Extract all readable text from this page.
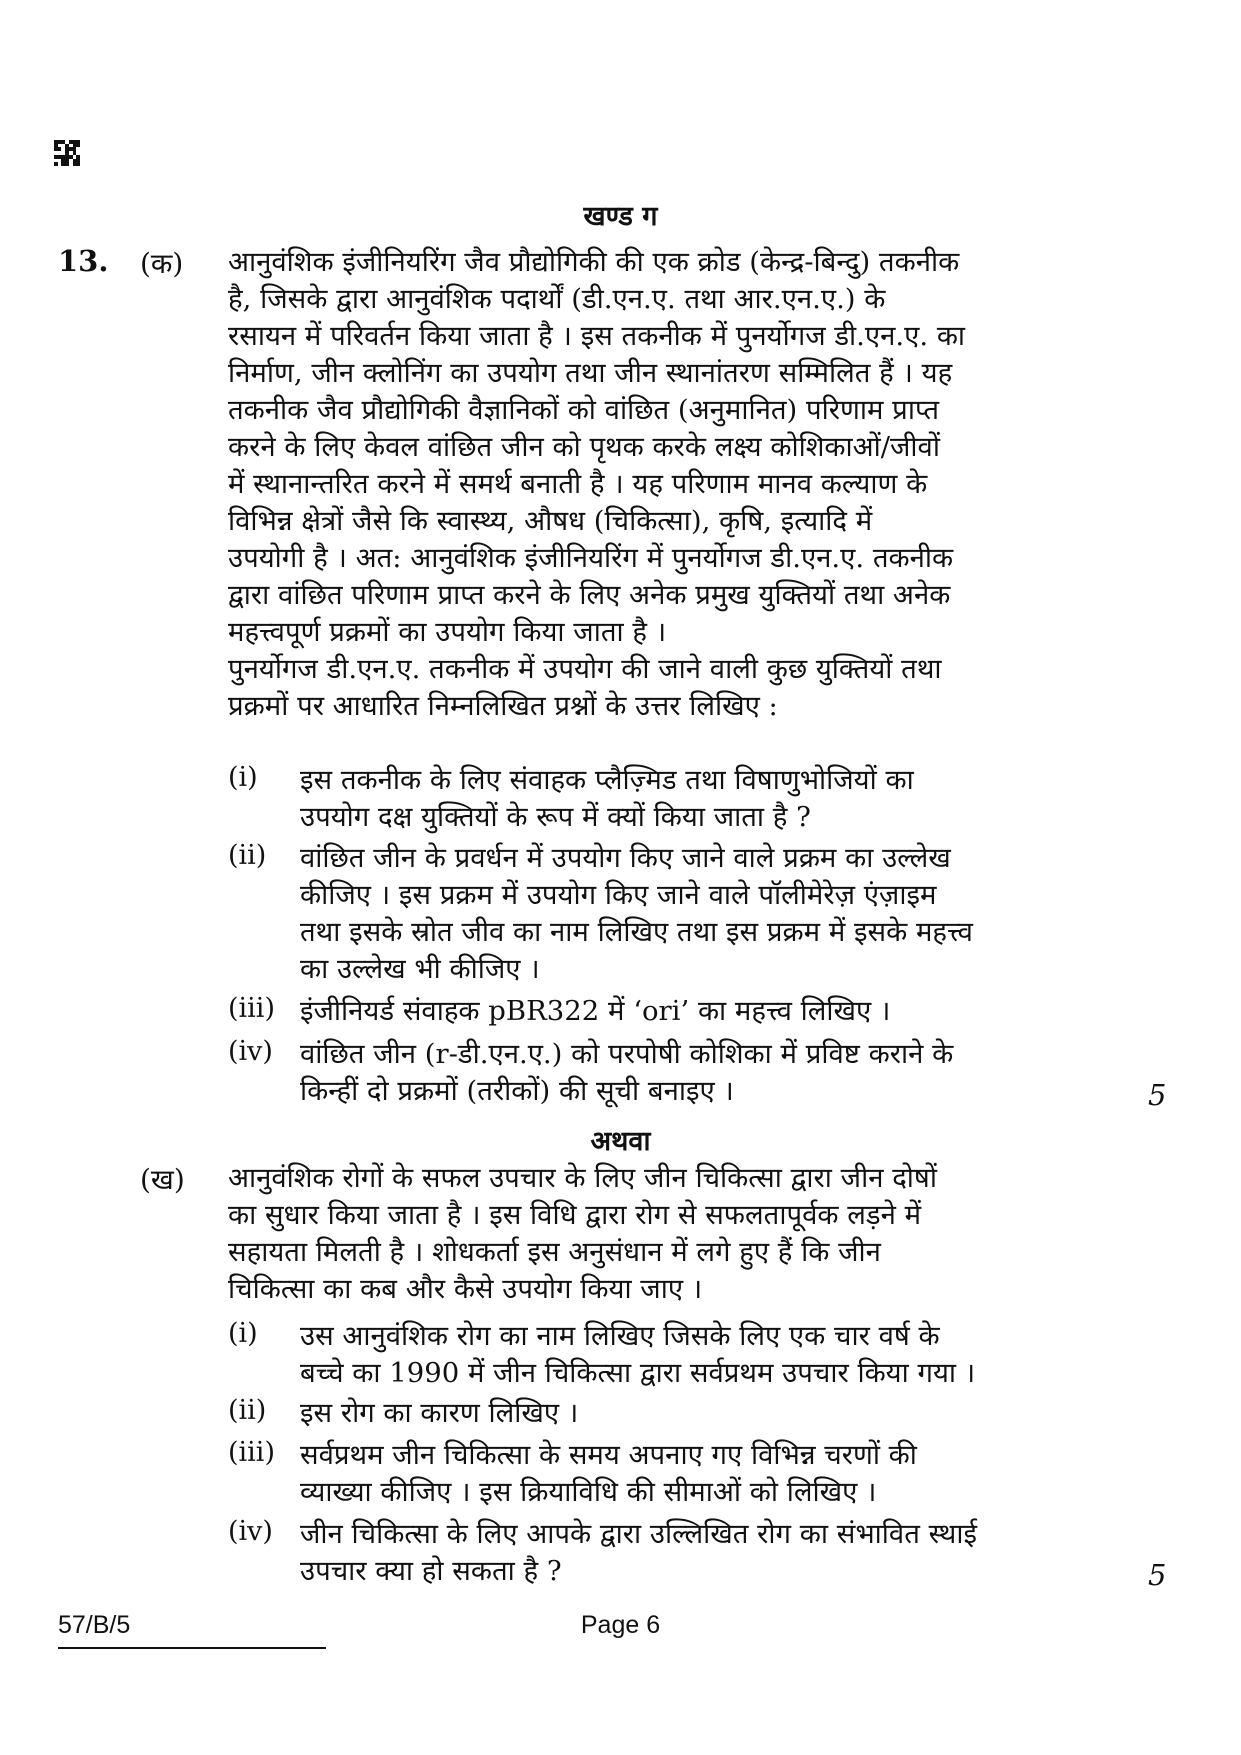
खण्ड ग
13. (क) आनुवंशिक इंजीनियरिंग जैव प्रौद्योगिकी की एक क्रोड (केन्द्र-बिन्दु) तकनीक
है, जिसके द्वारा आनुवंशिक पदार्थों (डी.एन.ए. तथा आर.एन.ए.) के
रसायन में परिवर्तन किया जाता है । इस तकनीक में पुनर्योगज डी.एन.ए. का
निर्माण, जीन क्लोनिंग का उपयोग तथा जीन स्थानांतरण सम्मिलित हैं । यह
तकनीक जैव प्रौद्योगिकी वैज्ञानिकों को वांछित (अनुमानित) परिणाम प्राप्त
करने के लिए केवल वांछित जीन को पृथक करके लक्ष्य कोशिकाओं/जीवों
में स्थानान्तरित करने में समर्थ बनाती है । यह परिणाम मानव कल्याण के
विभिन्न क्षेत्रों जैसे कि स्वास्थ्य, औषध (चिकित्सा), कृषि, इत्यादि में
उपयोगी है । अत: आनुवंशिक इंजीनियरिंग में पुनर्योगज डी.एन.ए. तकनीक
द्वारा वांछित परिणाम प्राप्त करने के लिए अनेक प्रमुख युक्तियों तथा अनेक
महत्त्वपूर्ण प्रक्रमों का उपयोग किया जाता है ।
पुनर्योगज डी.एन.ए. तकनीक में उपयोग की जाने वाली कुछ युक्तियों तथा
प्रक्रमों पर आधारित निम्नलिखित प्रश्नों के उत्तर लिखिए :
(i) इस तकनीक के लिए संवाहक प्लैज़्मिड तथा विषाणुभोजियों का
उपयोग दक्ष युक्तियों के रूप में क्यों किया जाता है ?
(ii) वांछित जीन के प्रवर्धन में उपयोग किए जाने वाले प्रक्रम का उल्लेख
कीजिए । इस प्रक्रम में उपयोग किए जाने वाले पॉलीमेरेज़ एंज़ाइम
तथा इसके स्रोत जीव का नाम लिखिए तथा इस प्रक्रम में इसके महत्त्व
का उल्लेख भी कीजिए ।
(iii) इंजीनियर्ड संवाहक pBR322 में ‘ori’ का महत्त्व लिखिए ।
(iv) वांछित जीन (r-डी.एन.ए.) को परपोषी कोशिका में प्रविष्ट कराने के
किन्हीं दो प्रक्रमों (तरीकों) की सूची बनाइए ।	5
अथवा
(ख) आनुवंशिक रोगों के सफल उपचार के लिए जीन चिकित्सा द्वारा जीन दोषों
का सुधार किया जाता है । इस विधि द्वारा रोग से सफलतापूर्वक लड़ने में
सहायता मिलती है । शोधकर्ता इस अनुसंधान में लगे हुए हैं कि जीन
चिकित्सा का कब और कैसे उपयोग किया जाए ।
(i) उस आनुवंशिक रोग का नाम लिखिए जिसके लिए एक चार वर्ष के
बच्चे का 1990 में जीन चिकित्सा द्वारा सर्वप्रथम उपचार किया गया ।
(ii) इस रोग का कारण लिखिए ।
(iii) सर्वप्रथम जीन चिकित्सा के समय अपनाए गए विभिन्न चरणों की
व्याख्या कीजिए । इस क्रियाविधि की सीमाओं को लिखिए ।
(iv) जीन चिकित्सा के लिए आपके द्वारा उल्लिखित रोग का संभावित स्थाई
उपचार क्या हो सकता है ?	5
57/B/5	Page 6
